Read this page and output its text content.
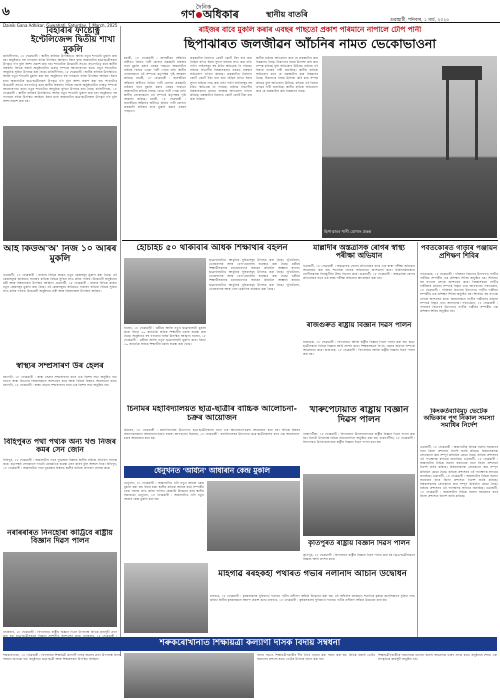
৬	দৈনিক
গণ অধিকাৰ	স্থানীয় বাতৰি
Dainik Gana Adhikar, Guwahati, Saturday, 1 March, 2025
গুৱাহাটী, শনিবাৰ, ১ মাৰ্চ, ২০২৫
বিহাৰীৰ ফাষ্টেক্ট্ৰি ইণ্টেলিজেন্স দ্বিতীয় শাখা মুকলি
কাহিলীপাৰা, ১৮ ফেব্ৰুৱাৰী : স্থানীয় ৰাইজৰ উপস্থিতিত আজি নতুন শাখাটো মুকলি কৰা হয়। অনুষ্ঠানত বহু গণ্যমান্য ব্যক্তি উপস্থিত আছিল। ইয়াৰ দ্বাৰা অঞ্চলটোৰ ছাত্ৰ-ছাত্ৰীসকল উপকৃত হ'ব বুলি আশা প্ৰকাশ কৰা হয়। শাখাটোৰ উদ্বোধনী সভাত সভাপতিত্ব কৰে স্থানীয় বিষয়াই। বিভিন্ন বক্তাই অনুষ্ঠানটোৰ গুৰুত্ব সম্পৰ্কে আলোকপাত কৰে। নতুন শাখাটোত আধুনিক সুবিধা উপলব্ধ কৰা হৈছে। কাহিলীপাৰা, ১৮ ফেব্ৰুৱাৰী : স্থানীয় ৰাইজৰ উপস্থিতিত আজি নতুন শাখাটো মুকলি কৰা হয়। অনুষ্ঠানত বহু গণ্যমান্য ব্যক্তি উপস্থিত আছিল। ইয়াৰ দ্বাৰা অঞ্চলটোৰ ছাত্ৰ-ছাত্ৰীসকল উপকৃত হ'ব বুলি আশা প্ৰকাশ কৰা হয়। শাখাটোৰ উদ্বোধনী সভাত সভাপতিত্ব কৰে স্থানীয় বিষয়াই। বিভিন্ন বক্তাই অনুষ্ঠানটোৰ গুৰুত্ব সম্পৰ্কে আলোকপাত কৰে। নতুন শাখাটোত আধুনিক সুবিধা উপলব্ধ কৰা হৈছে। কাহিলীপাৰা, ১৮ ফেব্ৰুৱাৰী : স্থানীয় ৰাইজৰ উপস্থিতিত আজি নতুন শাখাটো মুকলি কৰা হয়। অনুষ্ঠানত বহু গণ্যমান্য ব্যক্তি উপস্থিত আছিল। ইয়াৰ দ্বাৰা অঞ্চলটোৰ ছাত্ৰ-ছাত্ৰীসকল উপকৃত হ'ব বুলি আশা প্ৰকাশ কৰা হয়।
আই কিউঅ'অ' নিজ ১০ আৰৰ মুকলি
গুৱাহাটী, ১৮ ফেব্ৰুৱাৰী : ৰাজ্যৰ বিভিন্ন প্ৰান্তত নতুন কেন্দ্ৰসমূহ মুকলি কৰা হৈছে। এই কেন্দ্ৰসমূহৰ জৰিয়তে সাধাৰণ ৰাইজে বিভিন্ন সুবিধা লাভ কৰিব পাৰিব। উদ্বোধনী অনুষ্ঠানত মন্ত্ৰী আৰু বিষয়াসকল উপস্থিত আছিল। গুৱাহাটী, ১৮ ফেব্ৰুৱাৰী : ৰাজ্যৰ বিভিন্ন প্ৰান্তত নতুন কেন্দ্ৰসমূহ মুকলি কৰা হৈছে। এই কেন্দ্ৰসমূহৰ জৰিয়তে সাধাৰণ ৰাইজে বিভিন্ন সুবিধা লাভ কৰিব পাৰিব। উদ্বোধনী অনুষ্ঠানত মন্ত্ৰী আৰু বিষয়াসকল উপস্থিত আছিল।
স্বাস্থ্যৰ সম্প্ৰসাৰণ উৰ হেলৰ
বৰপেটা, ১৮ ফেব্ৰুৱাৰী : স্বাস্থ্য সেৱাৰ সম্প্ৰসাৰণৰ বাবে এক বিশেষ সভা অনুষ্ঠিত হয়। সভাত স্বাস্থ্য বিভাগৰ বিষয়াসকলে অংশগ্ৰহণ কৰে আৰু বিভিন্ন বিষয়ত আলোচনা কৰে। বৰপেটা, ১৮ ফেব্ৰুৱাৰী : স্বাস্থ্য সেৱাৰ সম্প্ৰসাৰণৰ বাবে এক বিশেষ সভা অনুষ্ঠিত হয়।
বিহিপুৰত পথা পথ্যক অন্য খণ্ড নিজৰ কমৰ সেন জোন
বিহিপুৰ, ১৮ ফেব্ৰুৱাৰী : অঞ্চলটোৰ পথৰ দুৰৱস্থাৰ বিৰুদ্ধে স্থানীয় ৰাইজে প্ৰতিবাদ সাব্যস্ত কৰে। কৰ্তৃপক্ষই সোনকালে পথটো মেৰামতিৰ ব্যৱস্থা গ্ৰহণ কৰিব বুলি আশ্বাস দিয়ে। বিহিপুৰ, ১৮ ফেব্ৰুৱাৰী : অঞ্চলটোৰ পথৰ দুৰৱস্থাৰ বিৰুদ্ধে স্থানীয় ৰাইজে প্ৰতিবাদ সাব্যস্ত কৰে।
নৰাৰৰাৰত নিনহোৰা কাৰ্ট্ৰিবে ৰাষ্ট্ৰীয় বিজ্ঞান দিৱস পালন
নৰাৰৰাৰ, ১৮ ফেব্ৰুৱাৰী : বিদ্যালয়ত ৰাষ্ট্ৰীয় বিজ্ঞান দিৱস উপলক্ষে বিভিন্ন কাৰ্যসূচী গ্ৰহণ
ৰাইজৰ বাবে মুকলি কৰাৰ এবছৰ পাছতো প্ৰকাশ পৰিমানে নাপালে টেপি পানী
ছিপাঝাৰত জলজীৱন আঁচনিৰ নামত ভেকোভাওনা
মৰাৰী, ১৮ ফেব্ৰুৱাৰী : জলজীৱন আঁচনিৰ অধীনত নিৰ্মিত পানী যোগান প্ৰকল্পটো ৰাইজৰ বাবে মুকলি কৰাৰ এবছৰ পাছতো অঞ্চলটোৰ ৰাইজে বিশুদ্ধ খোৱা পানী পোৱা নাই। স্থানীয় লোকসকলে এই সম্পৰ্কে কৰ্তৃপক্ষৰ দৃষ্টি আকৰ্ষণ কৰিছে। মৰাৰী, ১৮ ফেব্ৰুৱাৰী : জলজীৱন আঁচনিৰ অধীনত নিৰ্মিত পানী যোগান প্ৰকল্পটো ৰাইজৰ বাবে মুকলি কৰাৰ এবছৰ পাছতো অঞ্চলটোৰ ৰাইজে বিশুদ্ধ খোৱা পানী পোৱা নাই। স্থানীয় লোকসকলে এই সম্পৰ্কে কৰ্তৃপক্ষৰ দৃষ্টি আকৰ্ষণ কৰিছে। মৰাৰী, ১৮ ফেব্ৰুৱাৰী : জলজীৱন আঁচনিৰ অধীনত নিৰ্মিত পানী যোগান প্ৰকল্পটো ৰাইজৰ বাবে মুকলি কৰাৰ এবছৰ পাছতো।
প্ৰকল্পটোৰ নিৰ্মাণত কোটি কোটি টকা ব্যয় কৰা হৈছিল যদিও ইয়াৰ সুফল ৰাইজে লাভ কৰা নাই। পাইপ লাইনসমূহ বহু ঠাইত ক্ষতিগ্ৰস্ত হৈ পৰিছে। ৰাইজে বিভাগীয় বিষয়াসকলৰ ওচৰত বাৰম্বাৰ অভিযোগ দাখিল কৰিছে। প্ৰকল্পটোৰ নিৰ্মাণত কোটি কোটি টকা ব্যয় কৰা হৈছিল যদিও ইয়াৰ সুফল ৰাইজে লাভ কৰা নাই। পাইপ লাইনসমূহ বহু ঠাইত ক্ষতিগ্ৰস্ত হৈ পৰিছে। ৰাইজে বিভাগীয় বিষয়াসকলৰ ওচৰত বাৰম্বাৰ অভিযোগ দাখিল কৰিছে। প্ৰকল্পটোৰ নিৰ্মাণত কোটি কোটি টকা ব্যয় কৰা হৈছিল।
স্থানীয় ৰাইজে অভিযোগ কৰে যে প্ৰকল্পটোৰ কাম নিম্নমানৰ হৈছে। ঠিকাদাৰে নিয়ম উলংঘা কৰি কাম সম্পন্ন কৰিছে বুলি অভিযোগ উঠিছে। ৰাইজে এই বিষয়ে তদন্তৰ দাবী জনাইছে। স্থানীয় ৰাইজে অভিযোগ কৰে যে প্ৰকল্পটোৰ কাম নিম্নমানৰ হৈছে। ঠিকাদাৰে নিয়ম উলংঘা কৰি কাম সম্পন্ন কৰিছে বুলি অভিযোগ উঠিছে। ৰাইজে এই বিষয়ে তদন্তৰ দাবী জনাইছে। স্থানীয় ৰাইজে অভিযোগ কৰে যে প্ৰকল্পটোৰ কাম নিম্নমানৰ হৈছে।
ছিপাঝাৰৰ পানী যোগান প্ৰকল্প
হোচাইচ ৫০ থাকীবাৰ অধিক শিক্ষাৰ্থীৰ বহলন
হাজো, ১৮ ফেব্ৰুৱাৰী : মন্ত্ৰীয়ে আজি নতুন ছাত্ৰাবাসটো মুকলি কৰে। ইয়াত ৫০ জনতকৈ অধিক শিক্ষাৰ্থীৰ থকাৰ ব্যৱস্থা কৰা হৈছে। অনুষ্ঠানত বহু গণ্যমান্য ব্যক্তি উপস্থিত আছিল। হাজো, ১৮ ফেব্ৰুৱাৰী : মন্ত্ৰীয়ে আজি নতুন ছাত্ৰাবাসটো মুকলি কৰে। ইয়াত ৫০ জনতকৈ অধিক শিক্ষাৰ্থীৰ থকাৰ ব্যৱস্থা কৰা হৈছে।
ছাত্ৰাবাসটোত আধুনিক সুবিধাসমূহ উপলব্ধ কৰা হৈছে। পুথিভঁৰাল, ভোজনালয় আৰু খেল-ধেমালিৰ ব্যৱস্থাও কৰা হৈছে। মন্ত্ৰীয়ে শিক্ষাৰ্থীসকলক মনোযোগেৰে অধ্যয়ন কৰিবলৈ আহ্বান জনায়। ছাত্ৰাবাসটোত আধুনিক সুবিধাসমূহ উপলব্ধ কৰা হৈছে। পুথিভঁৰাল, ভোজনালয় আৰু খেল-ধেমালিৰ ব্যৱস্থাও কৰা হৈছে। মন্ত্ৰীয়ে শিক্ষাৰ্থীসকলক মনোযোগেৰে অধ্যয়ন কৰিবলৈ আহ্বান জনায়। ছাত্ৰাবাসটোত আধুনিক সুবিধাসমূহ উপলব্ধ কৰা হৈছে। পুথিভঁৰাল, ভোজনালয় আৰু খেল-ধেমালিৰ ব্যৱস্থাও কৰা হৈছে।
মাল্লাদীৰ অস্তত্ৰাসক ৰোগৰ স্বাস্থ্য পৰীক্ষা অভিযান
গুৱাহাটী, ১৮ ফেব্ৰুৱাৰী : অস্তত্ৰাসক ৰোগৰ প্ৰতিৰোধৰ বাবে এক স্বাস্থ্য পৰীক্ষা অভিযান আয়োজন কৰা হয়। শতাধিক লোকে অভিযানত অংশগ্ৰহণ কৰে। চিকিৎসকসকলে ৰোগীসকলক বিনামূলীয়া ঔষধ বিতৰণ কৰে। গুৱাহাটী, ১৮ ফেব্ৰুৱাৰী : অস্তত্ৰাসক ৰোগৰ প্ৰতিৰোধৰ বাবে এক স্বাস্থ্য পৰীক্ষা অভিযান আয়োজন কৰা হয়।
ৰাজগুৰুত ৰাষ্ট্ৰীয় বিজ্ঞান দিৱস পালন
ৰাজগুৰু, ১৮ ফেব্ৰুৱাৰী : বিদ্যালয়ত আজি ৰাষ্ট্ৰীয় বিজ্ঞান দিৱস পালন কৰা হয়। ছাত্ৰ-ছাত্ৰীসকলে বিভিন্ন বিজ্ঞান আৰ্হি প্ৰদৰ্শন কৰে। শিক্ষকসকলে সি.ভি. ৰমনৰ অৱদান সম্পৰ্কে আলোচনা কৰে। ৰাজগুৰু, ১৮ ফেব্ৰুৱাৰী : বিদ্যালয়ত আজি ৰাষ্ট্ৰীয় বিজ্ঞান দিৱস পালন কৰা হয়।
চিনামৰ মহাবিদ্যালয়ত ছাত্ৰ-ছাত্ৰীৰ বাচ্চিক আলোচনা-চক্ৰৰ আয়োজন
চিনামৰ, ১৮ ফেব্ৰুৱাৰী : মহাবিদ্যালয়ৰ উদ্যোগত ছাত্ৰ-ছাত্ৰীসকলৰ বাবে এক আলোচনা-চক্ৰৰ আয়োজন কৰা হয়। বিভিন্ন বিষয়ৰ অধ্যাপকসকলে আলোচনা-চক্ৰত বক্তব্য আগবঢ়ায়। চিনামৰ, ১৮ ফেব্ৰুৱাৰী : মহাবিদ্যালয়ৰ উদ্যোগত ছাত্ৰ-ছাত্ৰীসকলৰ বাবে এক আলোচনা-চক্ৰৰ আয়োজন কৰা হয়।
খাৰুপেটীয়াত ৰাষ্ট্ৰীয় বিজ্ঞান দিৱস পালন
খাৰুপেটীয়া, ১৮ ফেব্ৰুৱাৰী : বিদ্যালয়ত উলহ-মালহেৰে ৰাষ্ট্ৰীয় বিজ্ঞান দিৱস পালন কৰা হয়। দিনটো উপলক্ষে বিভিন্ন প্ৰতিযোগিতা অনুষ্ঠিত কৰা হয়। খাৰুপেটীয়া, ১৮ ফেব্ৰুৱাৰী : বিদ্যালয়ত উলহ-মালহেৰে ৰাষ্ট্ৰীয় বিজ্ঞান দিৱস পালন কৰা হয়।
ধেনুখনত 'আৰ্য্যন' আধাৰান কেন্দ্ৰ মুকলি
ধেনুখনা, ১৮ ফেব্ৰুৱাৰী : অঞ্চলটোত এটা নতুন আধাৰ কেন্দ্ৰ মুকলি কৰা হয়। ইয়াৰ দ্বাৰা স্থানীয় ৰাইজে আধাৰ কাৰ্ড সম্পৰ্কীয় সেৱা সহজে লাভ কৰিব পাৰিব। কেন্দ্ৰটো উদ্বোধন কৰে স্থানীয় বিধায়কে। ধেনুখনা, ১৮ ফেব্ৰুৱাৰী : অঞ্চলটোত এটা নতুন আধাৰ কেন্দ্ৰ মুকলি কৰা হয়।
কৃতিপুৰত ৰাষ্ট্ৰীয় বিজ্ঞান দিৱস পালন
কৃতিপুৰ, ১৮ ফেব্ৰুৱাৰী : বিদ্যালয়ত ৰাষ্ট্ৰীয় বিজ্ঞান দিৱস পালন কৰা হয়। ছাত্ৰ-ছাত্ৰীসকলে বিজ্ঞান আৰ্হি প্ৰদৰ্শন কৰে।
মাহগাৱ ৰৰহকহী পথাৰত গভীৰ নলীনাদ আঁচনি উদ্বোধন
মাহগাৱ, ১৮ ফেব্ৰুৱাৰী : কৃষকসকলৰ সুবিধাৰ্থে পথাৰত গভীৰ নলীনাদ আঁচনি উদ্বোধন কৰা হয়। এই আঁচনিৰ জৰিয়তে শতাধিক কৃষকে জলসিঞ্চনৰ সুবিধা লাভ কৰিব। স্থানীয় কৃষকসকলে আনন্দ প্ৰকাশ কৰে। মাহগাৱ, ১৮ ফেব্ৰুৱাৰী : কৃষকসকলৰ সুবিধাৰ্থে পথাৰত গভীৰ নলীনাদ আঁচনি উদ্বোধন কৰা হয়।
পৰ্বতকোৰত গাড়ীৰ পঞ্জীয়ন প্ৰশিক্ষণ শিবিৰ
পৰ্বতকোৰ, ১৮ ফেব্ৰুৱাৰী : পৰিবহণ বিভাগৰ উদ্যোগত গাড়ীৰ পঞ্জীয়ন সম্পৰ্কীয় এক প্ৰশিক্ষণ শিবিৰ অনুষ্ঠিত হয়। শিবিৰত বহু সংখ্যক লোকে অংশগ্ৰহণ কৰে। বিষয়াসকলে গাড়ীৰ পঞ্জীয়নৰ প্ৰক্ৰিয়া সম্পৰ্কে বিস্তৃত তথ্য আগবঢ়ায়। পৰ্বতকোৰ, ১৮ ফেব্ৰুৱাৰী : পৰিবহণ বিভাগৰ উদ্যোগত গাড়ীৰ পঞ্জীয়ন সম্পৰ্কীয় এক প্ৰশিক্ষণ শিবিৰ অনুষ্ঠিত হয়। শিবিৰত বহু সংখ্যক লোকে অংশগ্ৰহণ কৰে। বিষয়াসকলে গাড়ীৰ পঞ্জীয়নৰ প্ৰক্ৰিয়া সম্পৰ্কে বিস্তৃত তথ্য আগবঢ়ায়। পৰ্বতকোৰ, ১৮ ফেব্ৰুৱাৰী : পৰিবহণ বিভাগৰ উদ্যোগত গাড়ীৰ পঞ্জীয়ন সম্পৰ্কীয় এক প্ৰশিক্ষণ শিবিৰ অনুষ্ঠিত হয়।
কিংকৰ্তব্যবিমূঢ় ভেটেক অভিকাৰ পুগ নিকাল সমস্যা সমাধিৰ নির্দেশ
গুৱাহাটী, ১৮ ফেব্ৰুৱাৰী : অঞ্চলটোৰ বিভিন্ন সমস্যা সমাধানৰ বাবে জিলা প্ৰশাসনে নিৰ্দেশ জাৰি কৰিছে। বিষয়াসকলক সোনকালে কাম সম্পূৰ্ণ কৰিবলৈ কোৱা হৈছে। ৰাইজে প্ৰশাসনৰ এই পদক্ষেপক স্বাগতম জনাইছে। গুৱাহাটী, ১৮ ফেব্ৰুৱাৰী : অঞ্চলটোৰ বিভিন্ন সমস্যা সমাধানৰ বাবে জিলা প্ৰশাসনে নিৰ্দেশ জাৰি কৰিছে। বিষয়াসকলক সোনকালে কাম সম্পূৰ্ণ কৰিবলৈ কোৱা হৈছে। ৰাইজে প্ৰশাসনৰ এই পদক্ষেপক স্বাগতম জনাইছে। গুৱাহাটী, ১৮ ফেব্ৰুৱাৰী : অঞ্চলটোৰ বিভিন্ন সমস্যা সমাধানৰ বাবে জিলা প্ৰশাসনে নিৰ্দেশ জাৰি কৰিছে। বিষয়াসকলক সোনকালে কাম সম্পূৰ্ণ কৰিবলৈ কোৱা হৈছে। ৰাইজে প্ৰশাসনৰ এই পদক্ষেপক স্বাগতম জনাইছে। গুৱাহাটী, ১৮ ফেব্ৰুৱাৰী : অঞ্চলটোৰ বিভিন্ন সমস্যা সমাধানৰ বাবে জিলা প্ৰশাসনে নিৰ্দেশ জাৰি কৰিছে।
শৰুকৰোখানাত শিক্ষয়িত্ৰী কল্যাণী দাসক বিদায় সম্বৰ্ধনা
শৰুকৰোখানা, ১৮ ফেব্ৰুৱাৰী : বিদ্যালয়ৰ শিক্ষয়িত্ৰী কল্যাণী দাসক অৱসৰ গ্ৰহণ উপলক্ষে বিদায় সম্বৰ্ধনা জনোৱা হয়। অনুষ্ঠানত ছাত্ৰ-ছাত্ৰী আৰু শিক্ষকসকল উপস্থিত আছিল।
বিদায় সভাত শিক্ষয়িত্ৰীগৰাকীৰ দীৰ্ঘ দিনৰ সেৱাৰ কথা স্মৰণ কৰা হয়। বিভিন্ন বক্তাই তেওঁৰ অৱদানৰ প্ৰশংসা কৰে। তেওঁক উপহাৰ প্ৰদান কৰা হয়।
শিক্ষয়িত্ৰীগৰাকীয়ে সকলোকে ধন্যবাদ জনাই আৱেগিক ভাষণ প্ৰদান কৰে। অনুষ্ঠানৰ শেষত এক সাংস্কৃতিক কাৰ্যসূচী অনুষ্ঠিত হয়।
